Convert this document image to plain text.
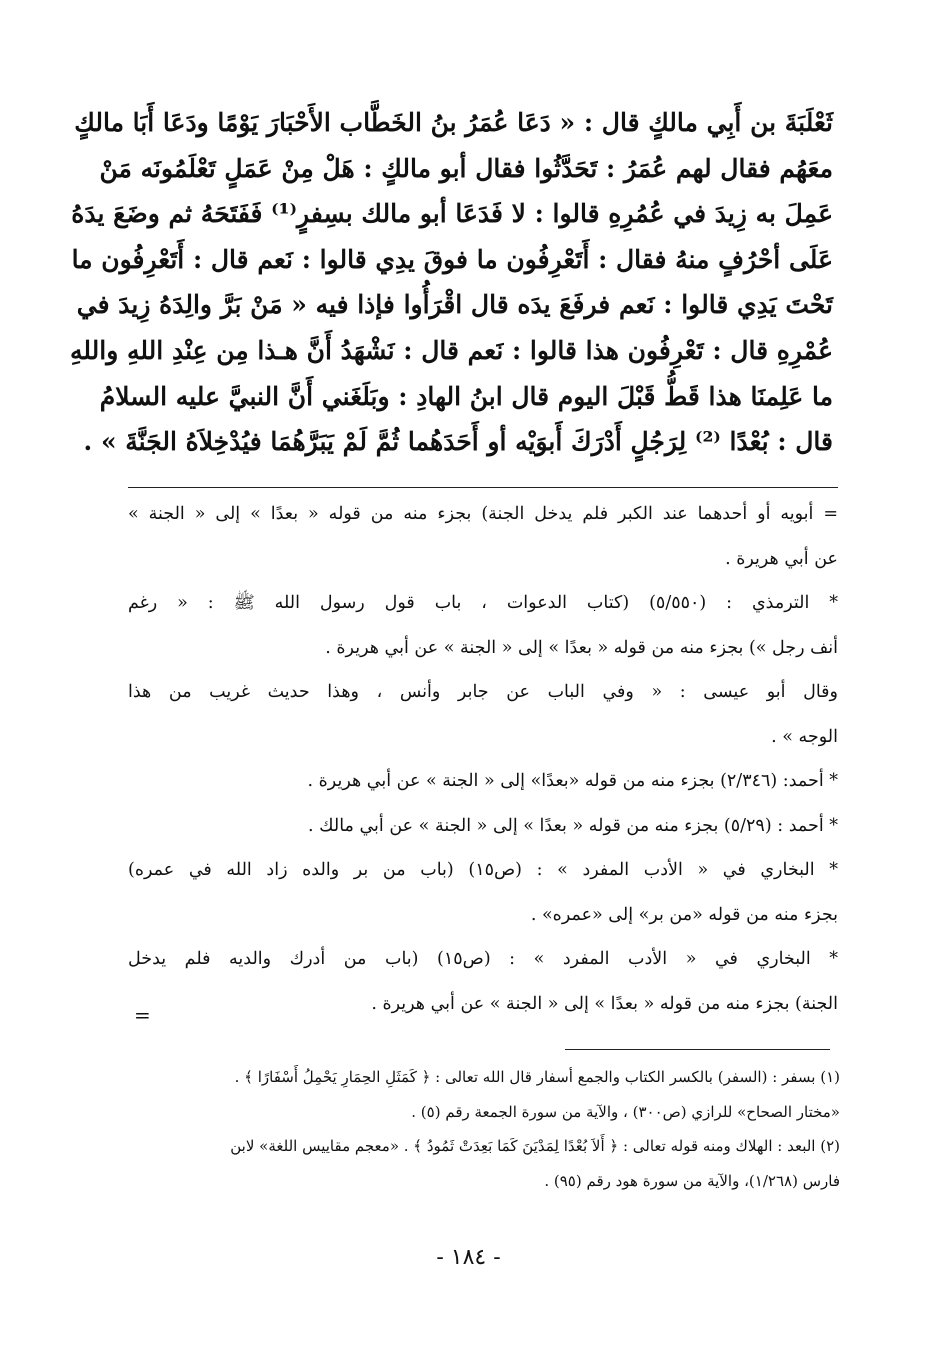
ثَعْلَبَةَ بن أَبِي مالكٍ قال : « دَعَا عُمَرُ بنُ الخَطَّاب الأَحْبَارَ يَوْمًا ودَعَا أَبَا مالكٍ
معَهُم فقال لهم عُمَرُ : تَحَدَّثُوا فقال أبو مالكٍ : هَلْ مِنْ عَمَلٍ تَعْلَمُونَه مَنْ
عَمِلَ به زِيدَ في عُمُرِهِ قالوا : لا فَدَعَا أبو مالك بسِفرٍ⁽¹⁾ فَفَتَحَهُ ثم وضَعَ يدَهُ
عَلَى أحْرُفٍ منهُ فقال : أَتَعْرِفُون ما فوقَ يدِي قالوا : نَعم قال : أَتَعْرِفُون ما
تَحْتَ يَدِي قالوا : نَعم فرفَعَ يدَه قال اقْرَأُوا فإذا فيه « مَنْ بَرَّ والِدَهُ زِيدَ في
عُمْرِهِ قال : تَعْرِفُون هذا قالوا : نَعم قال : نَشْهَدُ أَنَّ هـذا مِن عِنْدِ اللهِ واللهِ
ما عَلِمنَا هذا قَطُّ قَبْلَ اليوم قال ابنُ الهادِ : وبَلَغَني أَنَّ النبيَّ عليه السلامُ
قال : بُعْدًا ⁽²⁾ لِرَجُلٍ أَدْرَكَ أَبوَيْه أو أَحَدَهُما ثُمَّ لَمْ يَبَرَّهُمَا فيُدْخِلاَهُ الجَنَّةَ » .
= أبويه أو أحدهما عند الكبر فلم يدخل الجنة) بجزء منه من قوله « بعدًا » إلى « الجنة »
عن أبي هريرة .
* الترمذي : (٥/٥٥٠) (كتاب الدعوات ، باب قول رسول الله ﷺ : « رغم
أنف رجل ») بجزء منه من قوله « بعدًا » إلى « الجنة » عن أبي هريرة .
وقال أبو عيسى : « وفي الباب عن جابر وأنس ، وهذا حديث غريب من هذا
الوجه » .
* أحمد: (٢/٣٤٦) بجزء منه من قوله «بعدًا» إلى « الجنة » عن أبي هريرة .
* أحمد : (٥/٢٩) بجزء منه من قوله « بعدًا » إلى « الجنة » عن أبي مالك .
* البخاري في « الأدب المفرد » : (ص١٥) (باب من بر والده زاد الله في عمره)
بجزء منه من قوله «من بر» إلى «عمره» .
* البخاري في « الأدب المفرد » : (ص١٥) (باب من أدرك والديه فلم يدخل
الجنة) بجزء منه من قوله « بعدًا » إلى « الجنة » عن أبي هريرة .
=
(١) بسفر : (السفر) بالكسر الكتاب والجمع أسفار قال الله تعالى : ﴿ كَمَثَلِ الحِمَارِ يَحْمِلُ أَسْفَارًا ﴾ .
«مختار الصحاح» للرازي (ص٣٠٠) ، والآية من سورة الجمعة رقم (٥) .
(٢) البعد : الهلاك ومنه قوله تعالى : ﴿ أَلاَ بُعْدًا لِمَدْيَنَ كَمَا بَعِدَتْ ثَمُودُ ﴾ . «معجم مقاييس اللغة» لابن
فارس (١/٢٦٨)، والآية من سورة هود رقم (٩٥) .
- ١٨٤ -
